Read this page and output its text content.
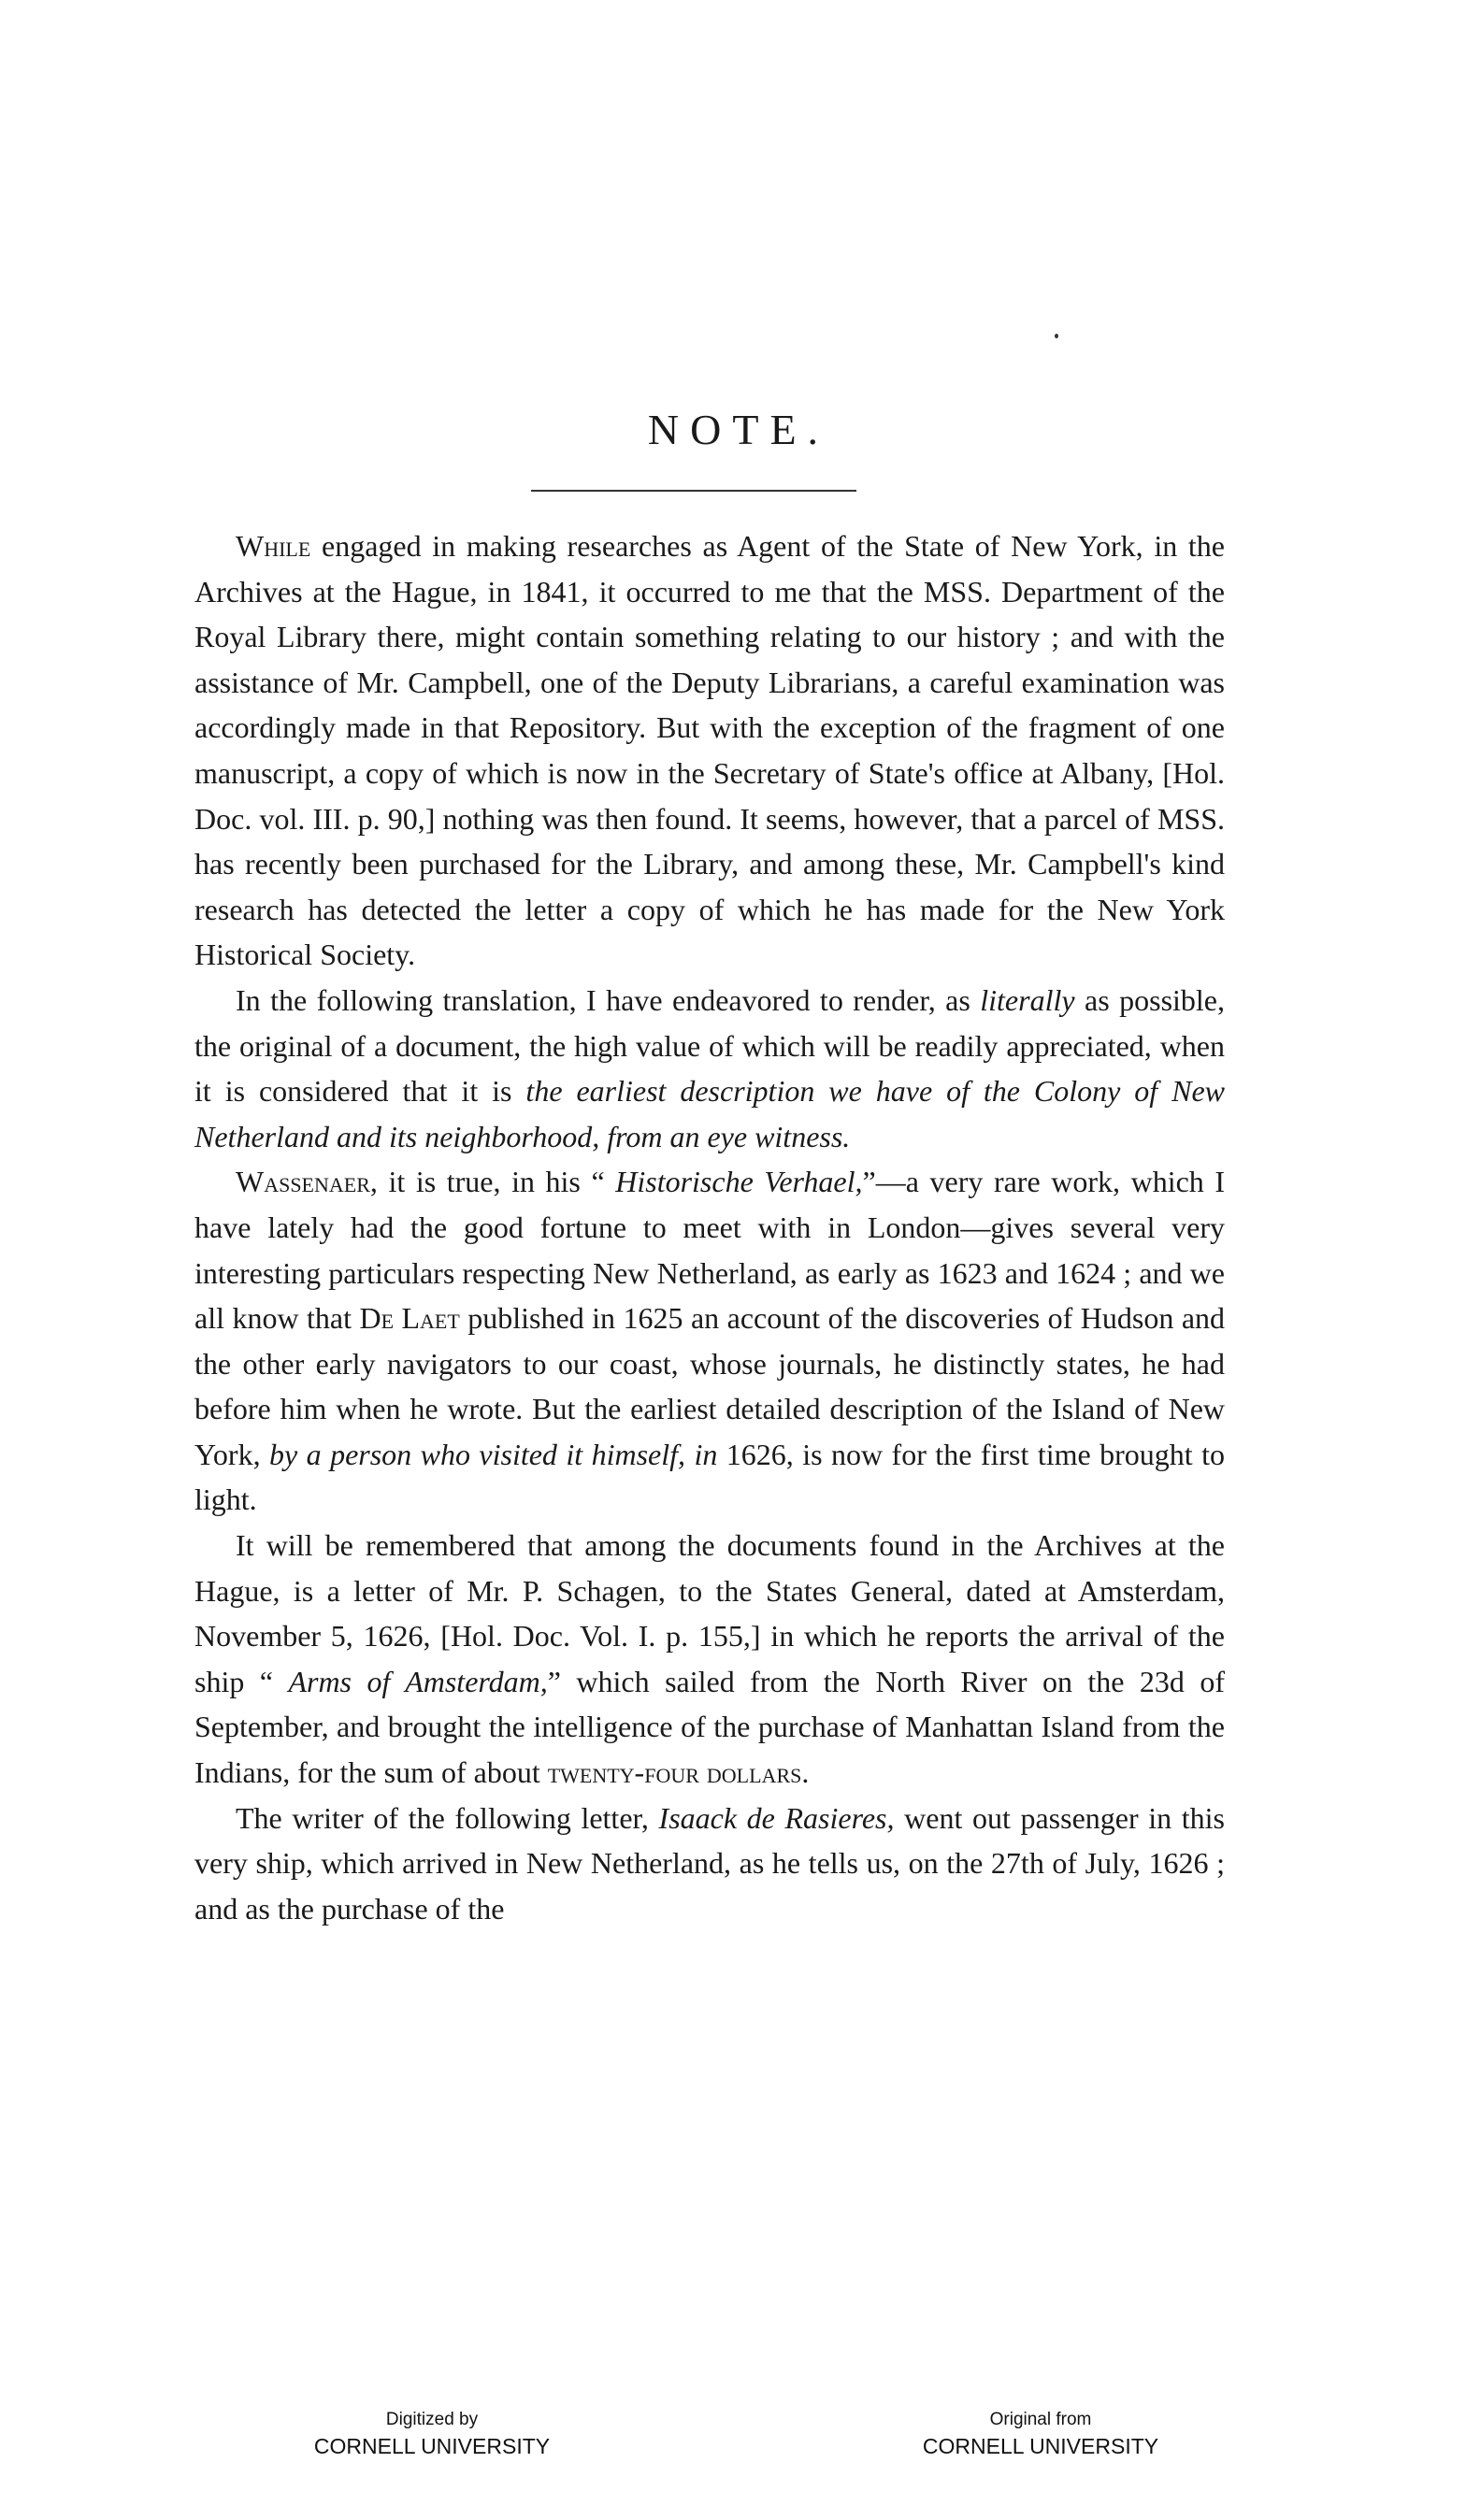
NOTE.

While engaged in making researches as Agent of the State of New York, in the Archives at the Hague, in 1841, it occurred to me that the MSS. Department of the Royal Library there, might contain something relating to our history ; and with the assistance of Mr. Campbell, one of the Deputy Librarians, a careful examination was accordingly made in that Repository. But with the exception of the fragment of one manuscript, a copy of which is now in the Secretary of State's office at Albany, [Hol. Doc. vol. III. p. 90,] nothing was then found. It seems, however, that a parcel of MSS. has recently been purchased for the Library, and among these, Mr. Campbell's kind research has detected the letter a copy of which he has made for the New York Historical Society.

In the following translation, I have endeavored to render, as literally as possible, the original of a document, the high value of which will be readily appreciated, when it is considered that it is the earliest description we have of the Colony of New Netherland and its neighborhood, from an eye witness.

Wassenaer, it is true, in his “ Historische Verhael,”—a very rare work, which I have lately had the good fortune to meet with in London—gives several very interesting particulars respecting New Netherland, as early as 1623 and 1624 ; and we all know that De Laet published in 1625 an account of the discoveries of Hudson and the other early navigators to our coast, whose journals, he distinctly states, he had before him when he wrote. But the earliest detailed description of the Island of New York, by a person who visited it himself, in 1626, is now for the first time brought to light.

It will be remembered that among the documents found in the Archives at the Hague, is a letter of Mr. P. Schagen, to the States General, dated at Amsterdam, November 5, 1626, [Hol. Doc. Vol. I. p. 155,] in which he reports the arrival of the ship “ Arms of Amsterdam,” which sailed from the North River on the 23d of September, and brought the intelligence of the purchase of Manhattan Island from the Indians, for the sum of about twenty-four dollars.

The writer of the following letter, Isaack de Rasieres, went out passenger in this very ship, which arrived in New Netherland, as he tells us, on the 27th of July, 1626 ; and as the purchase of the

Digitized by
CORNELL UNIVERSITY
Original from
CORNELL UNIVERSITY
